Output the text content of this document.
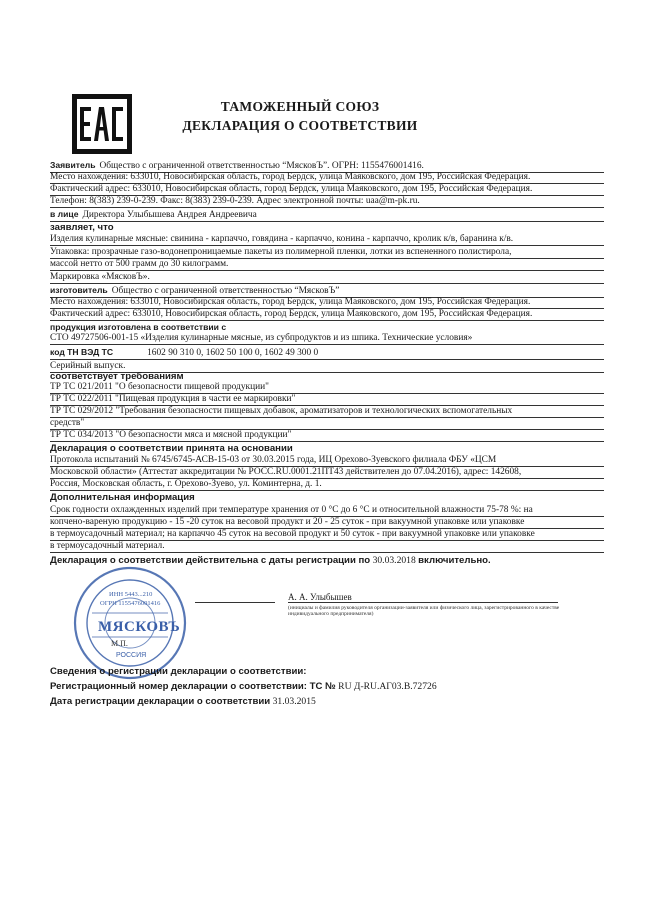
ТАМОЖЕННЫЙ СОЮЗ
ДЕКЛАРАЦИЯ О СООТВЕТСТВИИ
Заявитель Общество с ограниченной ответственностью “МясковЪ”. ОГРН: 1155476001416.
Место нахождения: 633010, Новосибирская область, город Бердск, улица Маяковского, дом 195, Российская Федерация.
Фактический адрес: 633010, Новосибирская область, город Бердск, улица Маяковского, дом 195, Российская Федерация.
Телефон: 8(383) 239-0-239. Факс: 8(383) 239-0-239. Адрес электронной почты: uaa@m-pk.ru.
в лице Директора Улыбышева Андрея Андреевича
заявляет, что
Изделия кулинарные мясные: свинина - карпаччо, говядина - карпаччо, конина - карпаччо, кролик к/в, баранина к/в.
Упаковка: прозрачные газо-водонепроницаемые пакеты из полимерной пленки, лотки из вспененного полистирола,
массой нетто от 500 грамм до 30 килограмм.
Маркировка «МясковЪ».
изготовитель Общество с ограниченной ответственностью “МясковЪ”
Место нахождения: 633010, Новосибирская область, город Бердск, улица Маяковского, дом 195, Российская Федерация.
Фактический адрес: 633010, Новосибирская область, город Бердск, улица Маяковского, дом 195, Российская Федерация.
продукция изготовлена в соответствии с
СТО 49727506-001-15 «Изделия кулинарные мясные, из субпродуктов и из шпика. Технические условия»
код ТН ВЭД ТС	1602 90 310 0, 1602 50 100 0, 1602 49 300 0
Серийный выпуск.
соответствует требованиям
ТР ТС 021/2011 "О безопасности пищевой продукции"
ТР ТС 022/2011 "Пищевая продукция в части ее маркировки"
ТР ТС 029/2012 "Требования безопасности пищевых добавок, ароматизаторов и технологических вспомогательных
средств"
ТР ТС 034/2013 "О безопасности мяса и мясной продукции"
Декларация о соответствии принята на основании
Протокола испытаний № 6745/6745-АСВ-15-03 от 30.03.2015 года, ИЦ Орехово-Зуевского филиала ФБУ «ЦСМ
Московской области» (Аттестат аккредитации № РОСС.RU.0001.21ПТ43 действителен до 07.04.2016), адрес: 142608,
Россия, Московская область, г. Орехово-Зуево, ул. Коминтерна, д. 1.
Дополнительная информация
Срок годности охлажденных изделий при температуре хранения от 0 °С до 6 °С и относительной влажности 75-78 %: на
копчено-вареную продукцию - 15 -20 суток на весовой продукт и 20 - 25 суток - при вакуумной упаковке или упаковке
в термоусадочный материал; на карпаччо 45 суток на весовой продукт и 50 суток - при вакуумной упаковке или упаковке
в термоусадочный материал.
Декларация о соответствии действительна с даты регистрации по 30.03.2018 включительно.
А. А. Улыбышев
(инициалы и фамилия руководителя организации-заявителя или физического лица, зарегистрированного в качестве
индивидуального предпринимателя)
ИНН 5443...210
ОГРН 1155476001416
МЯСКОВЪ
М.П.
РОССИЯ
Сведения о регистрации декларации о соответствии:
Регистрационный номер декларации о соответствии: ТС № RU Д-RU.АГ03.В.72726
Дата регистрации декларации о соответствии 31.03.2015
